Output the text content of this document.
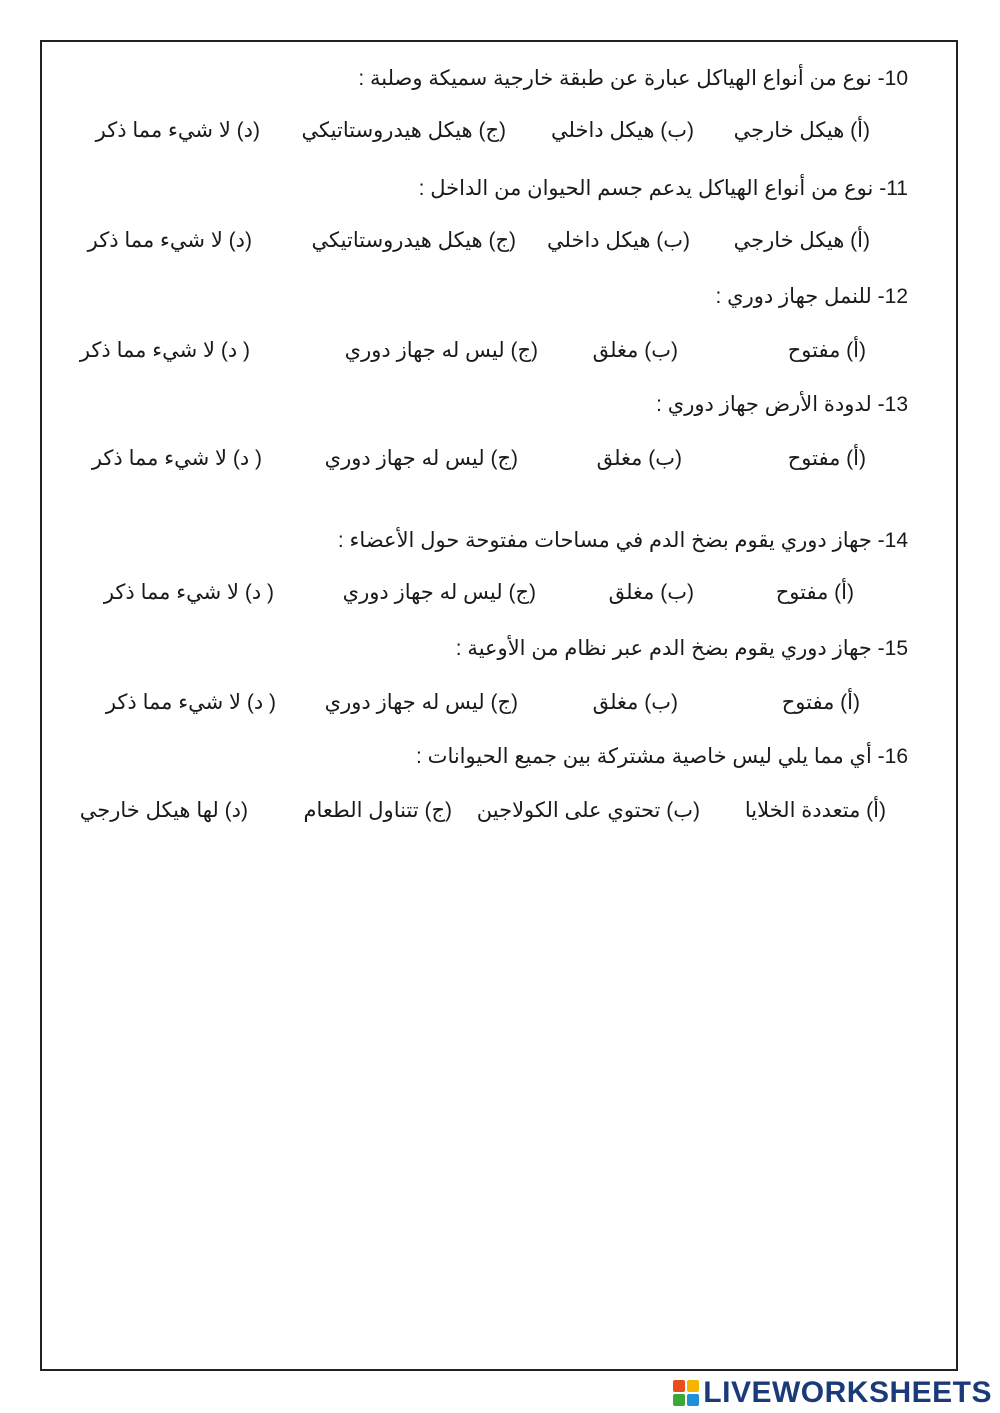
10- نوع من أنواع الهياكل عبارة عن طبقة خارجية سميكة وصلبة :
(أ) هيكل خارجي
(ب) هيكل داخلي
(ج) هيكل هيدروستاتيكي
(د) لا شيء مما ذكر
11- نوع من أنواع الهياكل يدعم جسم الحيوان من الداخل :
(أ) هيكل خارجي
(ب) هيكل داخلي
(ج) هيكل هيدروستاتيكي
(د) لا شيء مما ذكر
12- للنمل جهاز دوري :
(أ) مفتوح
(ب) مغلق
(ج) ليس له جهاز دوري
( د) لا شيء مما ذكر
13- لدودة الأرض جهاز دوري :
(أ) مفتوح
(ب) مغلق
(ج) ليس له جهاز دوري
( د) لا شيء مما ذكر
14- جهاز دوري يقوم بضخ الدم في مساحات مفتوحة حول الأعضاء :
(أ) مفتوح
(ب) مغلق
(ج) ليس له جهاز دوري
( د) لا شيء مما ذكر
15- جهاز دوري يقوم بضخ الدم عبر نظام من الأوعية :
(أ) مفتوح
(ب) مغلق
(ج) ليس له جهاز دوري
( د) لا شيء مما ذكر
16- أي مما يلي ليس خاصية مشتركة بين جميع الحيوانات :
(أ) متعددة الخلايا
(ب) تحتوي على الكولاجين
(ج) تتناول الطعام
(د) لها هيكل خارجي
LIVEWORKSHEETS
